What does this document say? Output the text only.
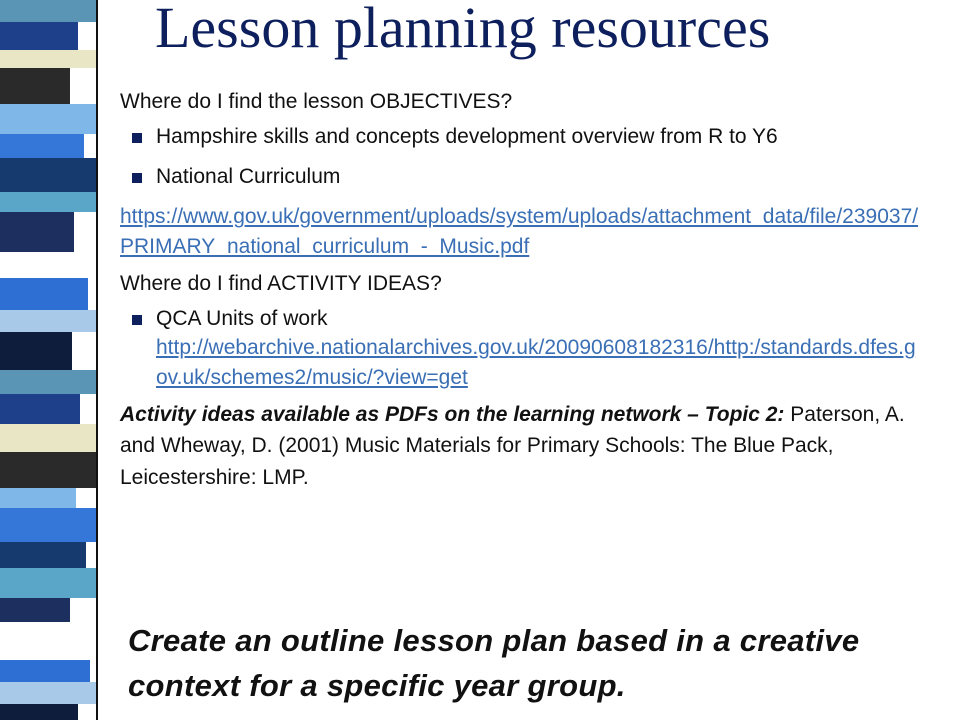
Lesson planning resources

Where do I find the lesson OBJECTIVES?

Hampshire skills and concepts development overview from R to Y6
National Curriculum

https://www.gov.uk/government/uploads/system/uploads/attachment_data/file/239037/PRIMARY_national_curriculum_-_Music.pdf

Where do I find ACTIVITY IDEAS?

QCA Units of work
http://webarchive.nationalarchives.gov.uk/20090608182316/http:/standards.dfes.gov.uk/schemes2/music/?view=get

Activity ideas available as PDFs on the learning network – Topic 2: Paterson, A. and Wheway, D. (2001) Music Materials for Primary Schools: The Blue Pack, Leicestershire: LMP.

Create an outline lesson plan based in a creative context for a specific year group.
